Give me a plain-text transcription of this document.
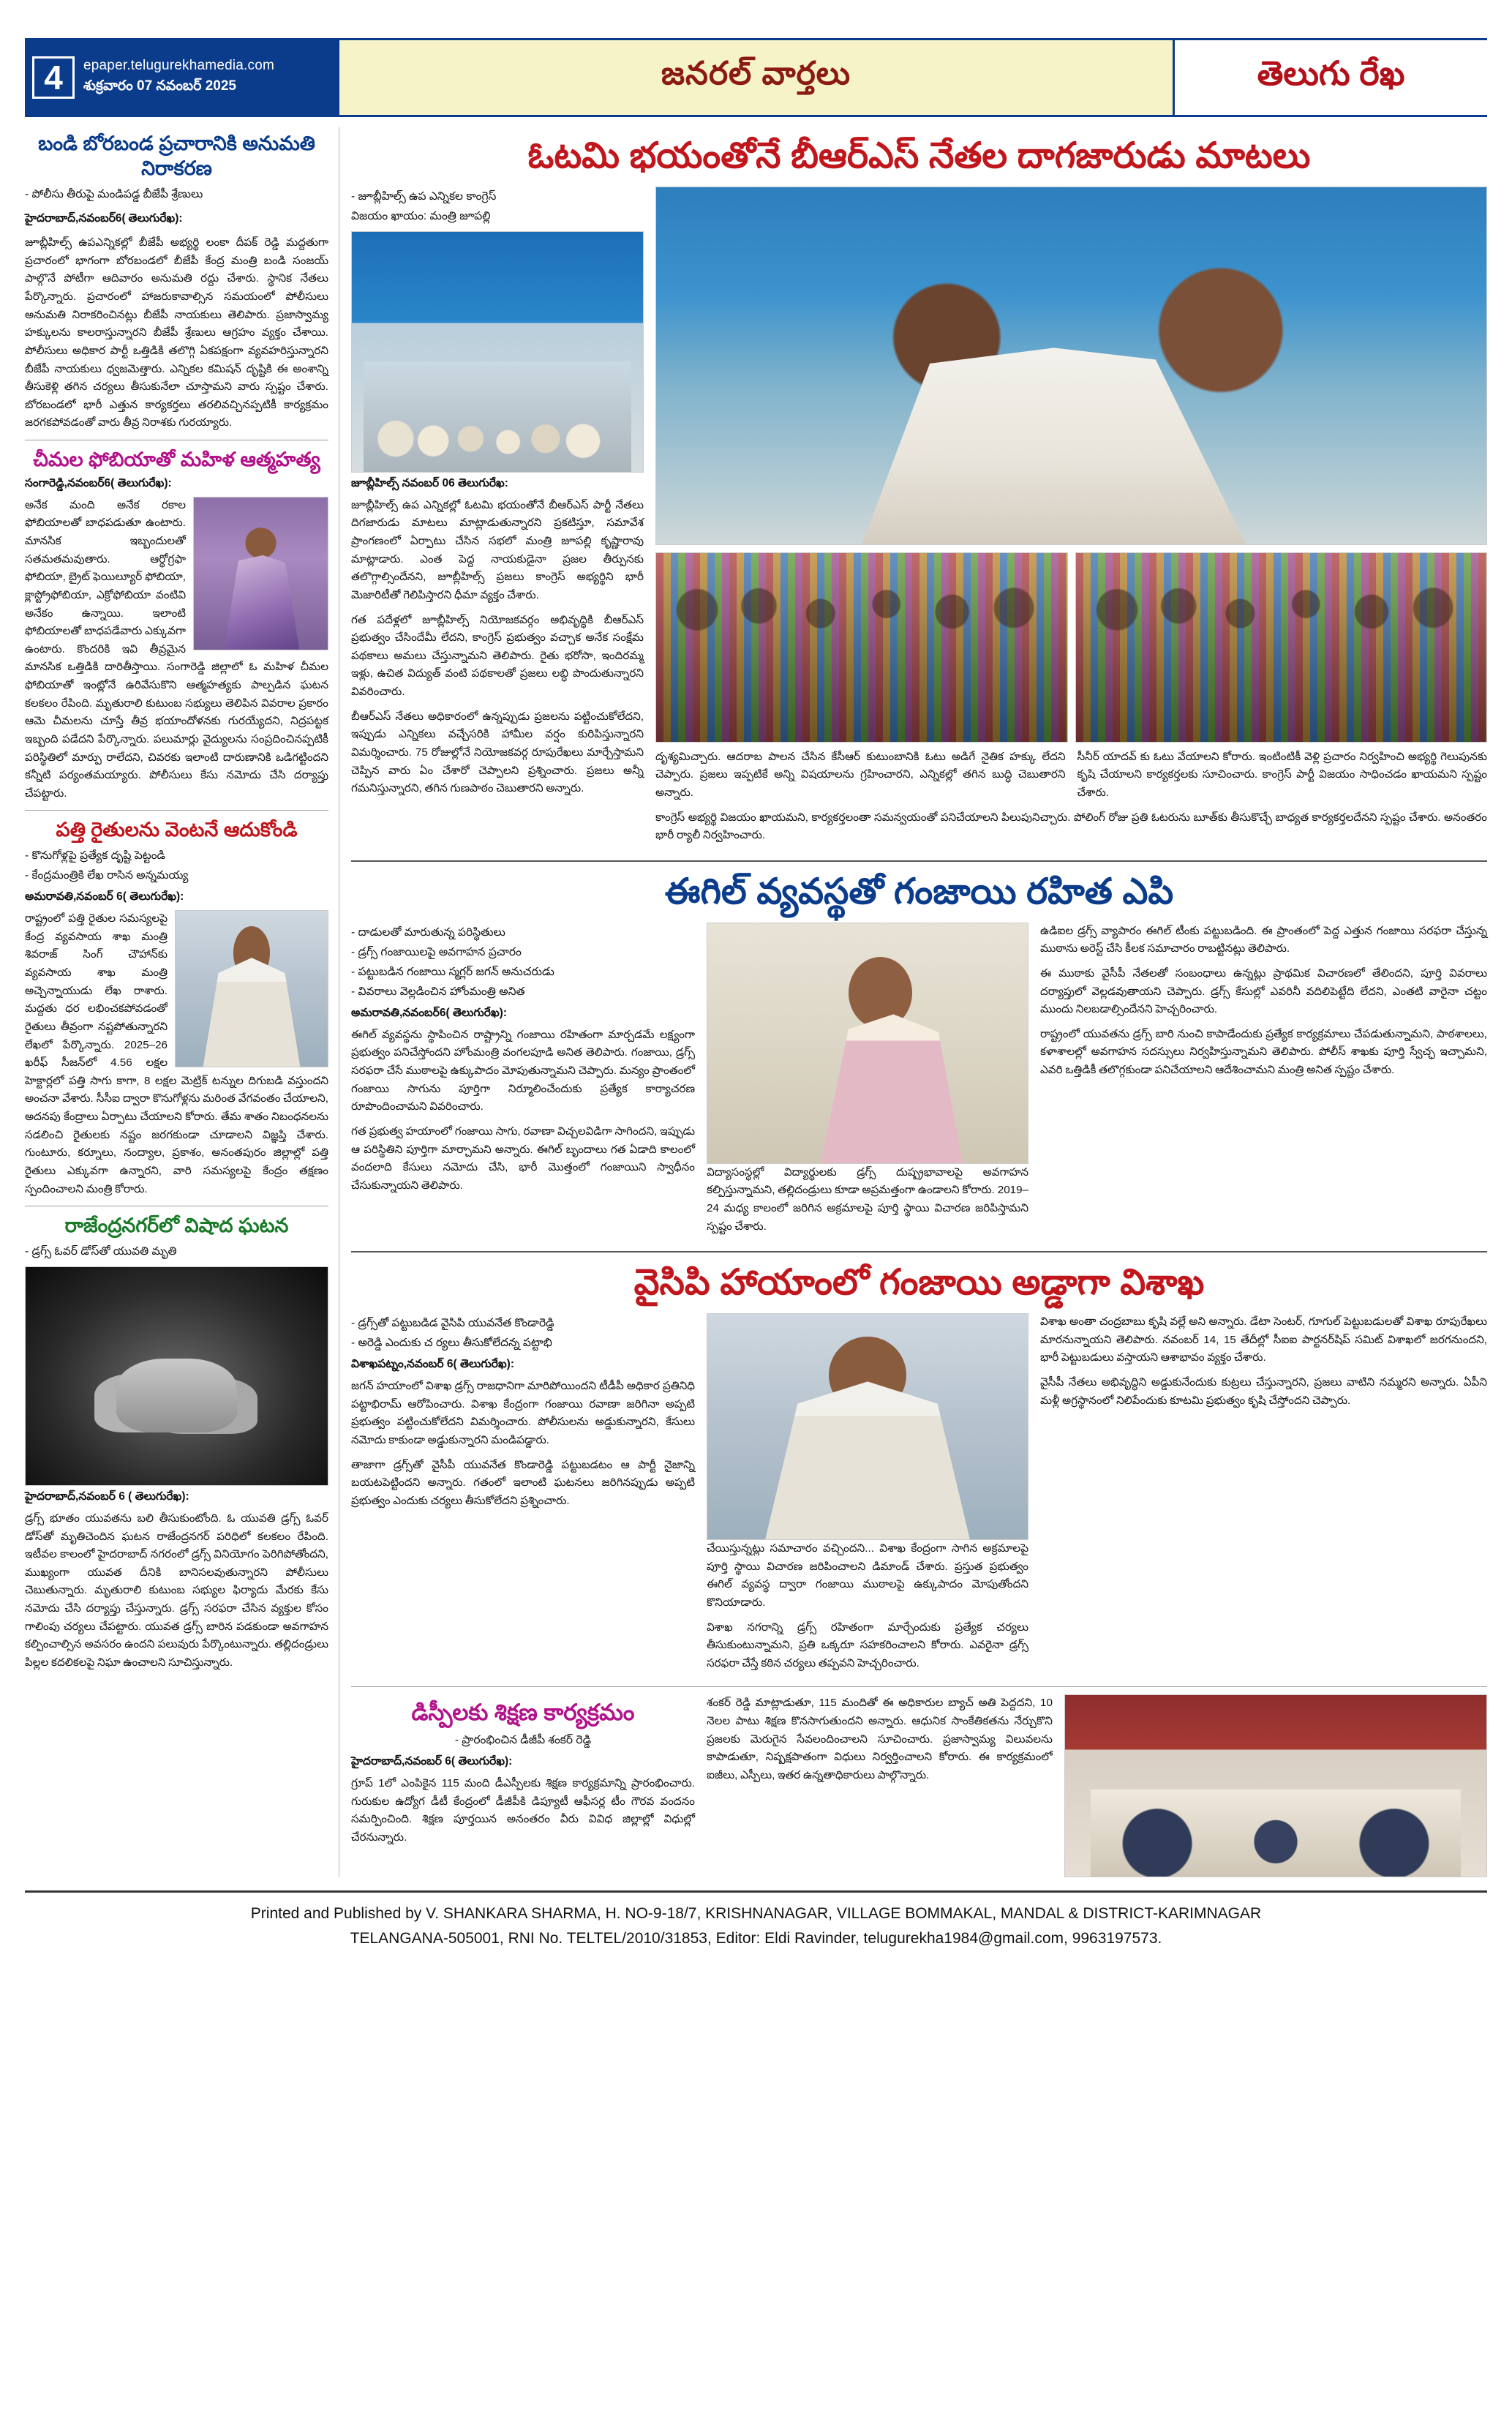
4	epaper.telugurekhamedia.com
శుక్రవారం 07 నవంబర్ 2025	జనరల్ వార్తలు	తెలుగు రేఖ
బండి బోరబండ ప్రచారానికి అనుమతి నిరాకరణ
- పోలీసు తీరుపై మండిపడ్డ బీజేపీ శ్రేణులు

హైదరాబాద్,నవంబర్6( తెలుగురేఖ):

జూబ్లీహిల్స్ ఉపఎన్నికల్లో బీజేపీ అభ్యర్థి లంకా దీపక్ రెడ్డి మద్దతుగా ప్రచారంలో భాగంగా బోరబండలో బీజేపీ కేంద్ర మంత్రి బండి సంజయ్ పాల్గొనే పోటీగా ఆదివారం అనుమతి రద్దు చేశారు. స్థానిక నేతలు పేర్కొన్నారు. ప్రచారంలో హాజరుకావాల్సిన సమయంలో పోలీసులు అనుమతి నిరాకరించినట్లు బీజేపీ నాయకులు తెలిపారు. ప్రజాస్వామ్య హక్కులను కాలరాస్తున్నారని బీజేపీ శ్రేణులు ఆగ్రహం వ్యక్తం చేశాయి. పోలీసులు అధికార పార్టీ ఒత్తిడికి తలొగ్గి ఏకపక్షంగా వ్యవహరిస్తున్నారని బీజేపీ నాయకులు ధ్వజమెత్తారు. ఎన్నికల కమిషన్ దృష్టికి ఈ అంశాన్ని తీసుకెళ్లి తగిన చర్యలు తీసుకునేలా చూస్తామని వారు స్పష్టం చేశారు. బోరబండలో భారీ ఎత్తున కార్యకర్తలు తరలివచ్చినప్పటికీ కార్యక్రమం జరగకపోవడంతో వారు తీవ్ర నిరాశకు గురయ్యారు.

చీమల ఫోబియాతో మహిళ ఆత్మహత్య
సంగారెడ్డి,నవంబర్6( తెలుగురేఖ):

అనేక మంది అనేక రకాల ఫోబియాలతో బాధపడుతూ ఉంటారు. మానసిక ఇబ్బందులతో సతమతమవుతారు. ఆర్థోగ్రఫా ఫోబియా, బ్రైట్ ఫెయిల్యూర్ ఫోబియా, క్లాస్ట్రోఫోబియా, ఎక్రోఫోబియా వంటివి అనేకం ఉన్నాయి. ఇలాంటి ఫోబియాలతో బాధపడేవారు ఎక్కువగా ఉంటారు. కొందరికి ఇవి తీవ్రమైన మానసిక ఒత్తిడికి దారితీస్తాయి. సంగారెడ్డి జిల్లాలో ఓ మహిళ చీమల ఫోబియాతో ఇంట్లోనే ఉరివేసుకొని ఆత్మహత్యకు పాల్పడిన ఘటన కలకలం రేపింది. మృతురాలి కుటుంబ సభ్యులు తెలిపిన వివరాల ప్రకారం ఆమె చీమలను చూస్తే తీవ్ర భయాందోళనకు గురయ్యేదని, నిద్రపట్టక ఇబ్బంది పడేదని పేర్కొన్నారు. పలుమార్లు వైద్యులను సంప్రదించినప్పటికీ పరిస్థితిలో మార్పు రాలేదని, చివరకు ఇలాంటి దారుణానికి ఒడిగట్టిందని కన్నీటి పర్యంతమయ్యారు. పోలీసులు కేసు నమోదు చేసి దర్యాప్తు చేపట్టారు.

పత్తి రైతులను వెంటనే ఆదుకోండి
- కొనుగోళ్లపై ప్రత్యేక దృష్టి పెట్టండి
- కేంద్రమంత్రికి లేఖ రాసిన అన్నమయ్య
అమరావతి,నవంబర్ 6( తెలుగురేఖ):

రాష్ట్రంలో పత్తి రైతుల సమస్యలపై కేంద్ర వ్యవసాయ శాఖ మంత్రి శివరాజ్ సింగ్ చౌహాన్‌కు వ్యవసాయ శాఖ మంత్రి అచ్చెన్నాయుడు లేఖ రాశారు. మద్దతు ధర లభించకపోవడంతో రైతులు తీవ్రంగా నష్టపోతున్నారని లేఖలో పేర్కొన్నారు. 2025–26 ఖరీఫ్ సీజన్‌లో 4.56 లక్షల హెక్టార్లలో పత్తి సాగు కాగా, 8 లక్షల మెట్రిక్ టన్నుల దిగుబడి వస్తుందని అంచనా వేశారు. సీసీఐ ద్వారా కొనుగోళ్లను మరింత వేగవంతం చేయాలని, అదనపు కేంద్రాలు ఏర్పాటు చేయాలని కోరారు. తేమ శాతం నిబంధనలను సడలించి రైతులకు నష్టం జరగకుండా చూడాలని విజ్ఞప్తి చేశారు. గుంటూరు, కర్నూలు, నంద్యాల, ప్రకాశం, అనంతపురం జిల్లాల్లో పత్తి రైతులు ఎక్కువగా ఉన్నారని, వారి సమస్యలపై కేంద్రం తక్షణం స్పందించాలని మంత్రి కోరారు.

రాజేంద్రనగర్‌లో విషాద ఘటన
- డ్రగ్స్ ఓవర్ డోస్‌తో యువతి మృతి
హైదరాబాద్,నవంబర్ 6 ( తెలుగురేఖ):

డ్రగ్స్ భూతం యువతను బలి తీసుకుంటోంది. ఓ యువతి డ్రగ్స్ ఓవర్ డోస్‌తో మృతిచెందిన ఘటన రాజేంద్రనగర్ పరిధిలో కలకలం రేపింది. ఇటీవల కాలంలో హైదరాబాద్ నగరంలో డ్రగ్స్ వినియోగం పెరిగిపోతోందని, ముఖ్యంగా యువత దీనికి బానిసలవుతున్నారని పోలీసులు చెబుతున్నారు. మృతురాలి కుటుంబ సభ్యుల ఫిర్యాదు మేరకు కేసు నమోదు చేసి దర్యాప్తు చేస్తున్నారు. డ్రగ్స్ సరఫరా చేసిన వ్యక్తుల కోసం గాలింపు చర్యలు చేపట్టారు. యువత డ్రగ్స్ బారిన పడకుండా అవగాహన కల్పించాల్సిన అవసరం ఉందని పలువురు పేర్కొంటున్నారు. తల్లిదండ్రులు పిల్లల కదలికలపై నిఘా ఉంచాలని సూచిస్తున్నారు.

ఓటమి భయంతోనే బీఆర్ఎస్ నేతల దాగజారుడు మాటలు
- జూబ్లీహిల్స్ ఉప ఎన్నికల కాంగ్రెస్
విజయం ఖాయం: మంత్రి జూపల్లి
జూబ్లీహిల్స్ నవంబర్ 06 తెలుగురేఖ:

జూబ్లీహిల్స్ ఉప ఎన్నికల్లో ఓటమి భయంతోనే బీఆర్ఎస్ పార్టీ నేతలు దిగజారుడు మాటలు మాట్లాడుతున్నారని ప్రకటిస్తూ, సమావేశ ప్రాంగణంలో ఏర్పాటు చేసిన సభలో మంత్రి జూపల్లి కృష్ణారావు మాట్లాడారు. ఎంత పెద్ద నాయకుడైనా ప్రజల తీర్పునకు తలొగ్గాల్సిందేనని, జూబ్లీహిల్స్ ప్రజలు కాంగ్రెస్ అభ్యర్థిని భారీ మెజారిటీతో గెలిపిస్తారని ధీమా వ్యక్తం చేశారు.

గత పదేళ్లలో జూబ్లీహిల్స్ నియోజకవర్గం అభివృద్ధికి బీఆర్ఎస్ ప్రభుత్వం చేసిందేమీ లేదని, కాంగ్రెస్ ప్రభుత్వం వచ్చాక అనేక సంక్షేమ పథకాలు అమలు చేస్తున్నామని తెలిపారు. రైతు భరోసా, ఇందిరమ్మ ఇళ్లు, ఉచిత విద్యుత్ వంటి పథకాలతో ప్రజలు లబ్ధి పొందుతున్నారని వివరించారు.

బీఆర్ఎస్ నేతలు అధికారంలో ఉన్నప్పుడు ప్రజలను పట్టించుకోలేదని, ఇప్పుడు ఎన్నికలు వచ్చేసరికి హామీల వర్షం కురిపిస్తున్నారని విమర్శించారు. 75 రోజుల్లోనే నియోజకవర్గ రూపురేఖలు మార్చేస్తామని చెప్పిన వారు ఏం చేశారో చెప్పాలని ప్రశ్నించారు. ప్రజలు అన్నీ గమనిస్తున్నారని, తగిన గుణపాఠం చెబుతారని అన్నారు.

దృశ్యమిచ్చారు. ఆదరాబ పాలన చేసిన కేసీఆర్ కుటుంబానికి ఓటు అడిగే నైతిక హక్కు లేదని చెప్పారు. ప్రజలు ఇప్పటికే అన్ని విషయాలను గ్రహించారని, ఎన్నికల్లో తగిన బుద్ధి చెబుతారని అన్నారు.

సీనీర్ యాదవ్ కు ఓటు వేయాలని కోరారు. ఇంటింటికీ వెళ్లి ప్రచారం నిర్వహించి అభ్యర్థి గెలుపునకు కృషి చేయాలని కార్యకర్తలకు సూచించారు. కాంగ్రెస్ పార్టీ విజయం సాధించడం ఖాయమని స్పష్టం చేశారు.

కాంగ్రెస్ అభ్యర్థి విజయం ఖాయమని, కార్యకర్తలంతా సమన్వయంతో పనిచేయాలని పిలుపునిచ్చారు. పోలింగ్ రోజు ప్రతి ఓటరును బూత్‌కు తీసుకొచ్చే బాధ్యత కార్యకర్తలదేనని స్పష్టం చేశారు. అనంతరం భారీ ర్యాలీ నిర్వహించారు.

ఈగిల్ వ్యవస్థతో గంజాయి రహిత ఎపి
- దాడులతో మారుతున్న పరిస్థితులు
- డ్రగ్స్ గంజాయిలపై అవగాహన ప్రచారం
- పట్టుబడిన గంజాయి స్మగ్లర్ జగన్ అనుచరుడు
- వివరాలు వెల్లడించిన హోంమంత్రి అనిత
అమరావతి,నవంబర్6( తెలుగురేఖ):

ఈగిల్ వ్యవస్థను స్థాపించిన రాష్ట్రాన్ని గంజాయి రహితంగా మార్చడమే లక్ష్యంగా ప్రభుత్వం పనిచేస్తోందని హోంమంత్రి వంగలపూడి అనిత తెలిపారు. గంజాయి, డ్రగ్స్ సరఫరా చేసే ముఠాలపై ఉక్కుపాదం మోపుతున్నామని చెప్పారు. మన్యం ప్రాంతంలో గంజాయి సాగును పూర్తిగా నిర్మూలించేందుకు ప్రత్యేక కార్యాచరణ రూపొందించామని వివరించారు.

గత ప్రభుత్వ హయాంలో గంజాయి సాగు, రవాణా విచ్చలవిడిగా సాగిందని, ఇప్పుడు ఆ పరిస్థితిని పూర్తిగా మార్చామని అన్నారు. ఈగిల్ బృందాలు గత ఏడాది కాలంలో వందలాది కేసులు నమోదు చేసి, భారీ మొత్తంలో గంజాయిని స్వాధీనం చేసుకున్నాయని తెలిపారు.

విద్యాసంస్థల్లో విద్యార్థులకు డ్రగ్స్ దుష్ప్రభావాలపై అవగాహన కల్పిస్తున్నామని, తల్లిదండ్రులు కూడా అప్రమత్తంగా ఉండాలని కోరారు. 2019–24 మధ్య కాలంలో జరిగిన అక్రమాలపై పూర్తి స్థాయి విచారణ జరిపిస్తామని స్పష్టం చేశారు.

ఉడిఐల డ్రగ్స్ వ్యాపారం ఈగిల్ టీంకు పట్టుబడింది. ఈ ప్రాంతంలో పెద్ద ఎత్తున గంజాయి సరఫరా చేస్తున్న ముఠాను అరెస్ట్ చేసి కీలక సమాచారం రాబట్టినట్లు తెలిపారు.

ఈ ముఠాకు వైసీపీ నేతలతో సంబంధాలు ఉన్నట్లు ప్రాథమిక విచారణలో తేలిందని, పూర్తి వివరాలు దర్యాప్తులో వెల్లడవుతాయని చెప్పారు. డ్రగ్స్ కేసుల్లో ఎవరినీ వదిలిపెట్టేది లేదని, ఎంతటి వారైనా చట్టం ముందు నిలబడాల్సిందేనని హెచ్చరించారు.

రాష్ట్రంలో యువతను డ్రగ్స్ బారి నుంచి కాపాడేందుకు ప్రత్యేక కార్యక్రమాలు చేపడుతున్నామని, పాఠశాలలు, కళాశాలల్లో అవగాహన సదస్సులు నిర్వహిస్తున్నామని తెలిపారు. పోలీస్ శాఖకు పూర్తి స్వేచ్ఛ ఇచ్చామని, ఎవరి ఒత్తిడికీ తలొగ్గకుండా పనిచేయాలని ఆదేశించామని మంత్రి అనిత స్పష్టం చేశారు.

వైసిపి హాయాంలో గంజాయి అడ్డాగా విశాఖ
- డ్రగ్స్‌తో పట్టుబడిడ వైసిపి యువనేత కొండారెడ్డి
- అరెడ్డి ఎందుకు చ ర్యలు తీసుకోలేదన్న పట్టాభి
విశాఖపట్నం,నవంబర్ 6( తెలుగురేఖ):

జగన్ హయాంలో విశాఖ డ్రగ్స్ రాజధానిగా మారిపోయిందని టీడీపీ అధికార ప్రతినిధి పట్టాభిరామ్ ఆరోపించారు. విశాఖ కేంద్రంగా గంజాయి రవాణా జరిగినా అప్పటి ప్రభుత్వం పట్టించుకోలేదని విమర్శించారు. పోలీసులను అడ్డుకున్నారని, కేసులు నమోదు కాకుండా అడ్డుకున్నారని మండిపడ్డారు.

తాజాగా డ్రగ్స్‌తో వైసీపీ యువనేత కొండారెడ్డి పట్టుబడటం ఆ పార్టీ నైజాన్ని బయటపెట్టిందని అన్నారు. గతంలో ఇలాంటి ఘటనలు జరిగినప్పుడు అప్పటి ప్రభుత్వం ఎందుకు చర్యలు తీసుకోలేదని ప్రశ్నించారు.

చేయిస్తున్నట్లు సమాచారం వచ్చిందని... విశాఖ కేంద్రంగా సాగిన అక్రమాలపై పూర్తి స్థాయి విచారణ జరిపించాలని డిమాండ్ చేశారు. ప్రస్తుత ప్రభుత్వం ఈగిల్ వ్యవస్థ ద్వారా గంజాయి ముఠాలపై ఉక్కుపాదం మోపుతోందని కొనియాడారు.

విశాఖ నగరాన్ని డ్రగ్స్ రహితంగా మార్చేందుకు ప్రత్యేక చర్యలు తీసుకుంటున్నామని, ప్రతి ఒక్కరూ సహకరించాలని కోరారు. ఎవరైనా డ్రగ్స్ సరఫరా చేస్తే కఠిన చర్యలు తప్పవని హెచ్చరించారు.

విశాఖ అంతా చంద్రబాబు కృషి వల్లే అని అన్నారు. డేటా సెంటర్, గూగుల్ పెట్టుబడులతో విశాఖ రూపురేఖలు మారనున్నాయని తెలిపారు. నవంబర్ 14, 15 తేదీల్లో సీఐఐ పార్టనర్‌షిప్ సమిట్ విశాఖలో జరగనుందని, భారీ పెట్టుబడులు వస్తాయని ఆశాభావం వ్యక్తం చేశారు.

వైసీపీ నేతలు అభివృద్ధిని అడ్డుకునేందుకు కుట్రలు చేస్తున్నారని, ప్రజలు వాటిని నమ్మరని అన్నారు. ఏపీని మళ్లీ అగ్రస్థానంలో నిలిపేందుకు కూటమి ప్రభుత్వం కృషి చేస్తోందని చెప్పారు.

డిస్పీలకు శిక్షణ కార్యక్రమం
- ప్రారంభించిన డీజీపీ శంకర్ రెడ్డి
హైదరాబాద్,నవంబర్ 6( తెలుగురేఖ):

గ్రూప్ 1లో ఎంపికైన 115 మంది డీఎస్పీలకు శిక్షణ కార్యక్రమాన్ని ప్రారంభించారు. గురుకుల ఉద్యోగ డీటీ కేంద్రంలో డీజీపీకి డిప్యూటీ ఆఫీసర్ల టీం గౌరవ వందనం సమర్పించింది. శిక్షణ పూర్తయిన అనంతరం వీరు వివిధ జిల్లాల్లో విధుల్లో చేరనున్నారు.

శంకర్ రెడ్డి మాట్లాడుతూ, 115 మందితో ఈ అధికారుల బ్యాచ్ అతి పెద్దదని, 10 నెలల పాటు శిక్షణ కొనసాగుతుందని అన్నారు. ఆధునిక సాంకేతికతను నేర్చుకొని ప్రజలకు మెరుగైన సేవలందించాలని సూచించారు. ప్రజాస్వామ్య విలువలను కాపాడుతూ, నిష్పక్షపాతంగా విధులు నిర్వర్తించాలని కోరారు. ఈ కార్యక్రమంలో ఐజీలు, ఎస్పీలు, ఇతర ఉన్నతాధికారులు పాల్గొన్నారు.

Printed and Published by V. SHANKARA SHARMA, H. NO-9-18/7, KRISHNANAGAR, VILLAGE BOMMAKAL, MANDAL & DISTRICT-KARIMNAGAR
TELANGANA-505001, RNI No. TELTEL/2010/31853, Editor: Eldi Ravinder, telugurekha1984@gmail.com, 9963197573.
